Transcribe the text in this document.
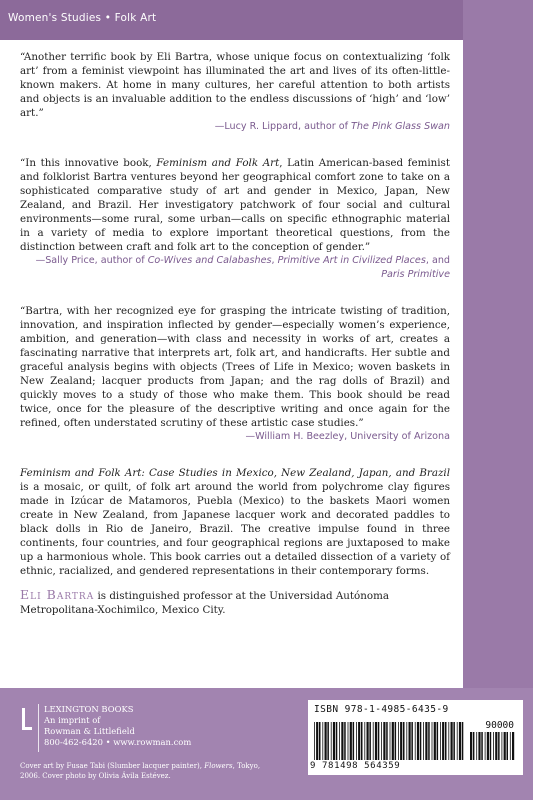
Women's Studies • Folk Art

“Another terrific book by Eli Bartra, whose unique focus on contextualizing ‘folk art’ from a feminist viewpoint has illuminated the art and lives of its often-little-known makers. At home in many cultures, her careful attention to both artists and objects is an invaluable addition to the endless discussions of ‘high’ and ‘low’ art.”

—Lucy R. Lippard, author of The Pink Glass Swan

“In this innovative book, Feminism and Folk Art, Latin American-based feminist and folklorist Bartra ventures beyond her geographical comfort zone to take on a sophisticated comparative study of art and gender in Mexico, Japan, New Zealand, and Brazil. Her investigatory patchwork of four social and cultural environments—some rural, some urban—calls on specific ethnographic material in a variety of media to explore important theoretical questions, from the distinction between craft and folk art to the conception of gender.”

—Sally Price, author of Co-Wives and Calabashes, Primitive Art in Civilized Places, and Paris Primitive

“Bartra, with her recognized eye for grasping the intricate twisting of tradition, innovation, and inspiration inflected by gender—especially women’s experience, ambition, and generation—with class and necessity in works of art, creates a fascinating narrative that interprets art, folk art, and handicrafts. Her subtle and graceful analysis begins with objects (Trees of Life in Mexico; woven baskets in New Zealand; lacquer products from Japan; and the rag dolls of Brazil) and quickly moves to a study of those who make them. This book should be read twice, once for the pleasure of the descriptive writing and once again for the refined, often understated scrutiny of these artistic case studies.”

—William H. Beezley, University of Arizona

Feminism and Folk Art: Case Studies in Mexico, New Zealand, Japan, and Brazil is a mosaic, or quilt, of folk art around the world from polychrome clay figures made in Izúcar de Matamoros, Puebla (Mexico) to the baskets Maori women create in New Zealand, from Japanese lacquer work and decorated paddles to black dolls in Rio de Janeiro, Brazil. The creative impulse found in three continents, four countries, and four geographical regions are juxtaposed to make up a harmonious whole. This book carries out a detailed dissection of a variety of ethnic, racialized, and gendered representations in their contemporary forms.

Eli Bartra is distinguished professor at the Universidad Autónoma Metropolitana-Xochimilco, Mexico City.

LEXINGTON BOOKS
An imprint of
Rowman & Littlefield
800-462-6420 • www.rowman.com
Cover art by Fusae Tabi (Slumber lacquer painter), Flowers, Tokyo, 2006. Cover photo by Olivia Ávila Estévez.
ISBN 978-1-4985-6435-9
90000
9 781498 564359
